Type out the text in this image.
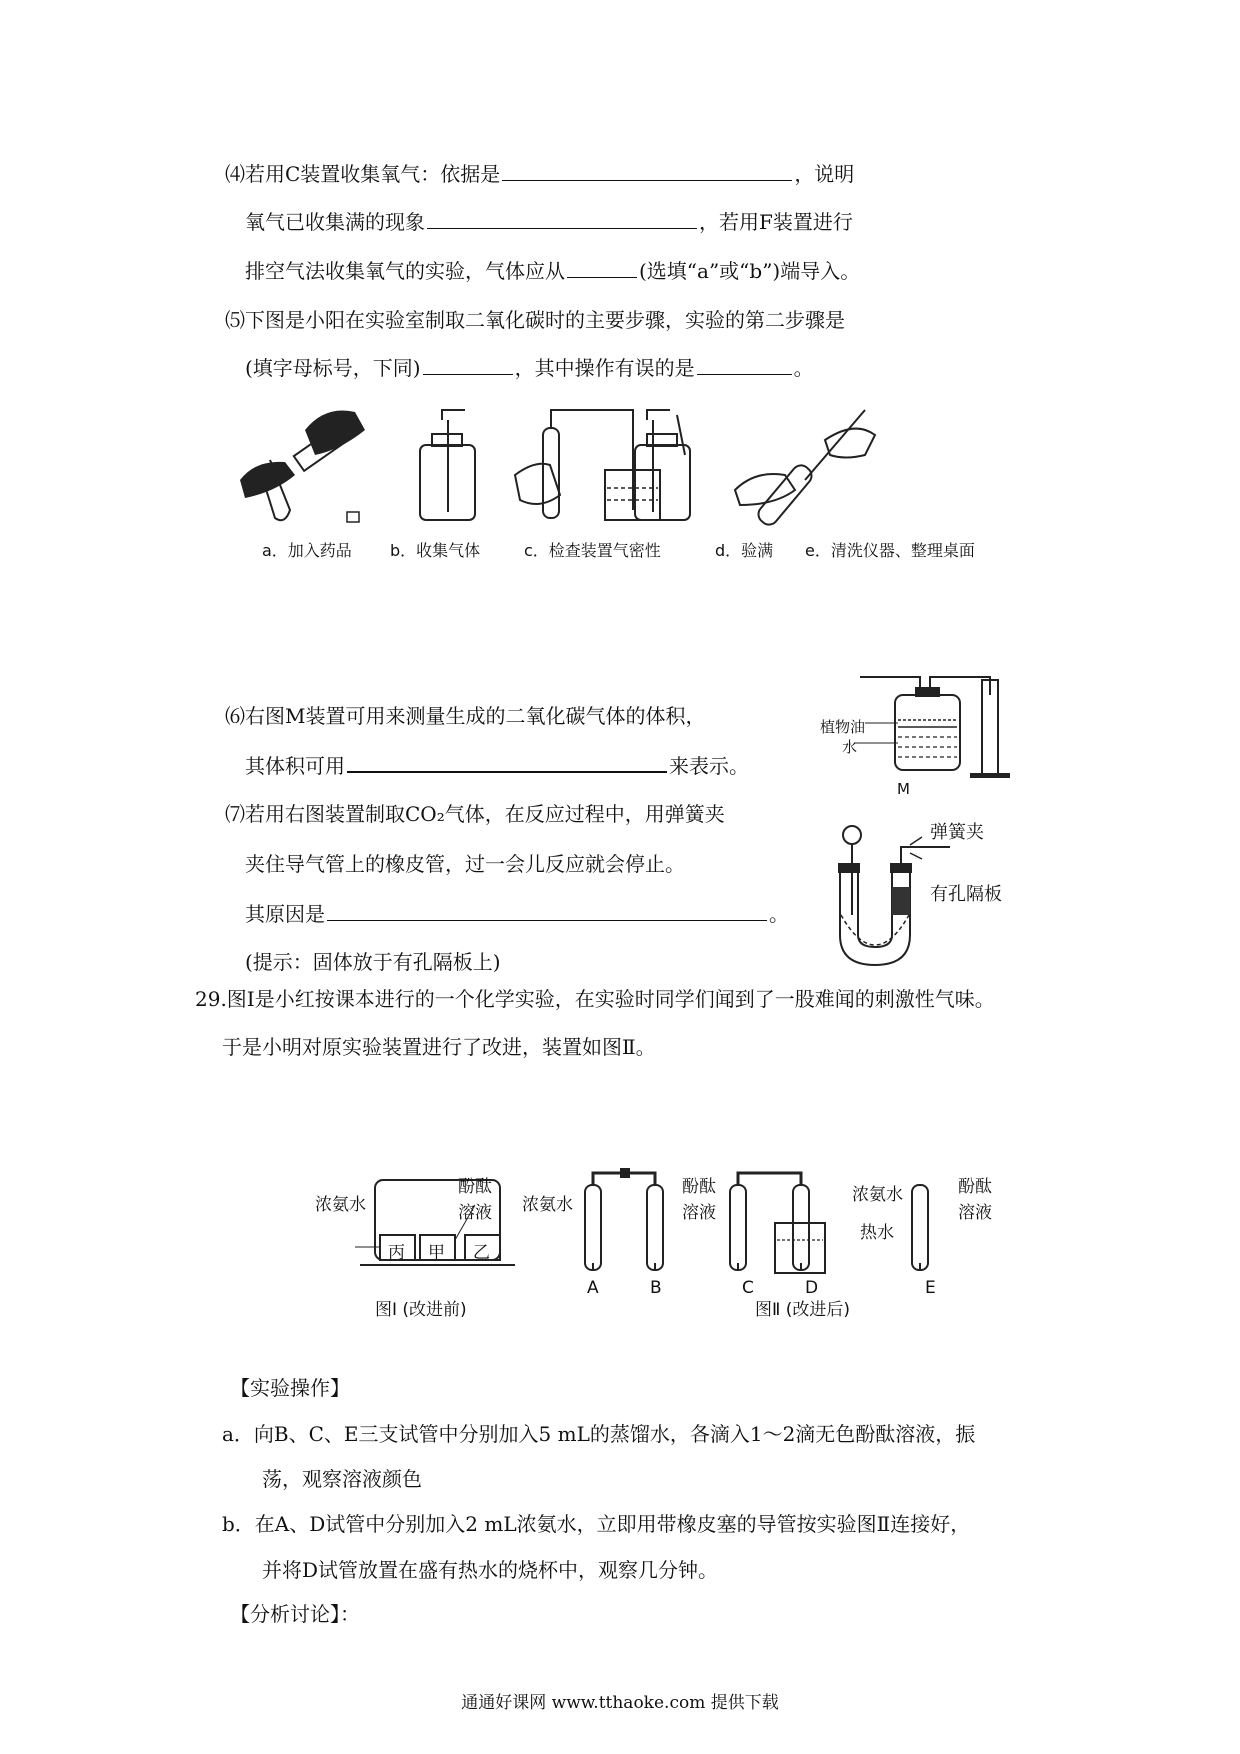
⑷若用C装置收集氧气：依据是	，说明
氧气已收集满的现象	，若用F装置进行
排空气法收集氧气的实验，气体应从	(选填“a”或“b”)端导入。
⑸下图是小阳在实验室制取二氧化碳时的主要步骤，实验的第二步骤是
(填字母标号，下同)	，其中操作有误的是	。
a．加入药品 b．收集气体	c．检查装置气密性	d．验满 e．清洗仪器、整理桌面
⑹右图M装置可用来测量生成的二氧化碳气体的体积，
其体积可用	来表示。
植物油
水
M
⑺若用右图装置制取CO₂气体，在反应过程中，用弹簧夹
夹住导气管上的橡皮管，过一会儿反应就会停止。
其原因是	。
(提示：固体放于有孔隔板上)
弹簧夹
有孔隔板
29.图Ⅰ是小红按课本进行的一个化学实验，在实验时同学们闻到了一股难闻的刺激性气味。
于是小明对原实验装置进行了改进，装置如图Ⅱ。
浓氨水
酚酞
溶液
丙 甲 乙
图Ⅰ (改进前)
浓氨水
酚酞
溶液
浓氨水
热水
酚酞
溶液
A	B	C	D	E
图Ⅱ (改进后)
【实验操作】
a．向B、C、E三支试管中分别加入5 mL的蒸馏水，各滴入1～2滴无色酚酞溶液，振
荡，观察溶液颜色
b．在A、D试管中分别加入2 mL浓氨水，立即用带橡皮塞的导管按实验图Ⅱ连接好，
并将D试管放置在盛有热水的烧杯中，观察几分钟。
【分析讨论】：
通通好课网 www.tthaoke.com 提供下载
